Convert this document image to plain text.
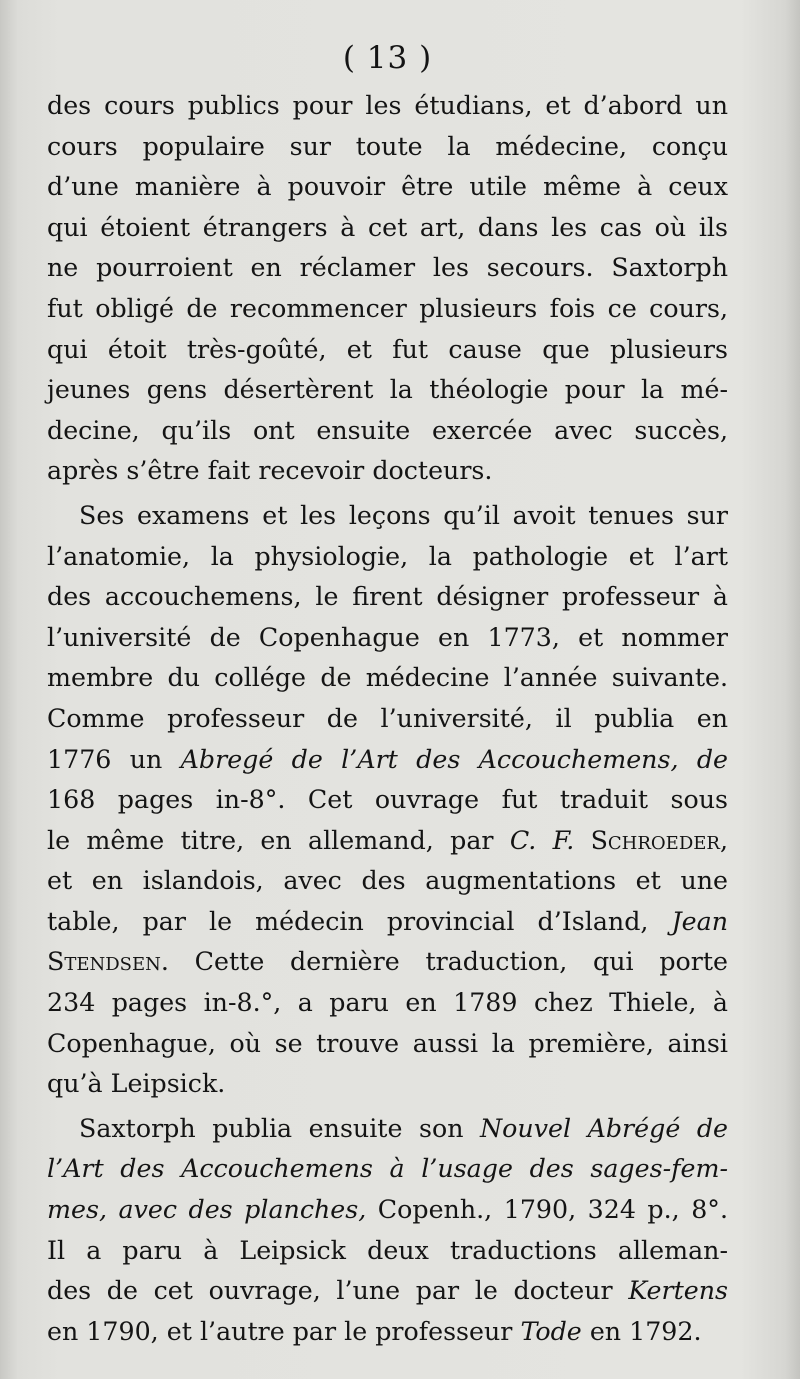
( 13 )

des cours publics pour les étudians, et d’abord un
cours populaire sur toute la médecine, conçu
d’une manière à pouvoir être utile même à ceux
qui étoient étrangers à cet art, dans les cas où ils
ne pourroient en réclamer les secours. Saxtorph
fut obligé de recommencer plusieurs fois ce cours,
qui étoit très-goûté, et fut cause que plusieurs
jeunes gens désertèrent la théologie pour la mé-
decine, qu’ils ont ensuite exercée avec succès,
après s’être fait recevoir docteurs.

Ses examens et les leçons qu’il avoit tenues sur
l’anatomie, la physiologie, la pathologie et l’art
des accouchemens, le firent désigner professeur à
l’université de Copenhague en 1773, et nommer
membre du collége de médecine l’année suivante.
Comme professeur de l’université, il publia en
1776 un Abregé de l’Art des Accouchemens, de
168 pages in-8°. Cet ouvrage fut traduit sous
le même titre, en allemand, par C. F. Schroeder,
et en islandois, avec des augmentations et une
table, par le médecin provincial d’Island, Jean
Stendsen. Cette dernière traduction, qui porte
234 pages in-8.°, a paru en 1789 chez Thiele, à
Copenhague, où se trouve aussi la première, ainsi
qu’à Leipsick.

Saxtorph publia ensuite son Nouvel Abrégé de
l’Art des Accouchemens à l’usage des sages-fem-
mes, avec des planches, Copenh., 1790, 324 p., 8°.
Il a paru à Leipsick deux traductions alleman-
des de cet ouvrage, l’une par le docteur Kertens
en 1790, et l’autre par le professeur Tode en 1792.
